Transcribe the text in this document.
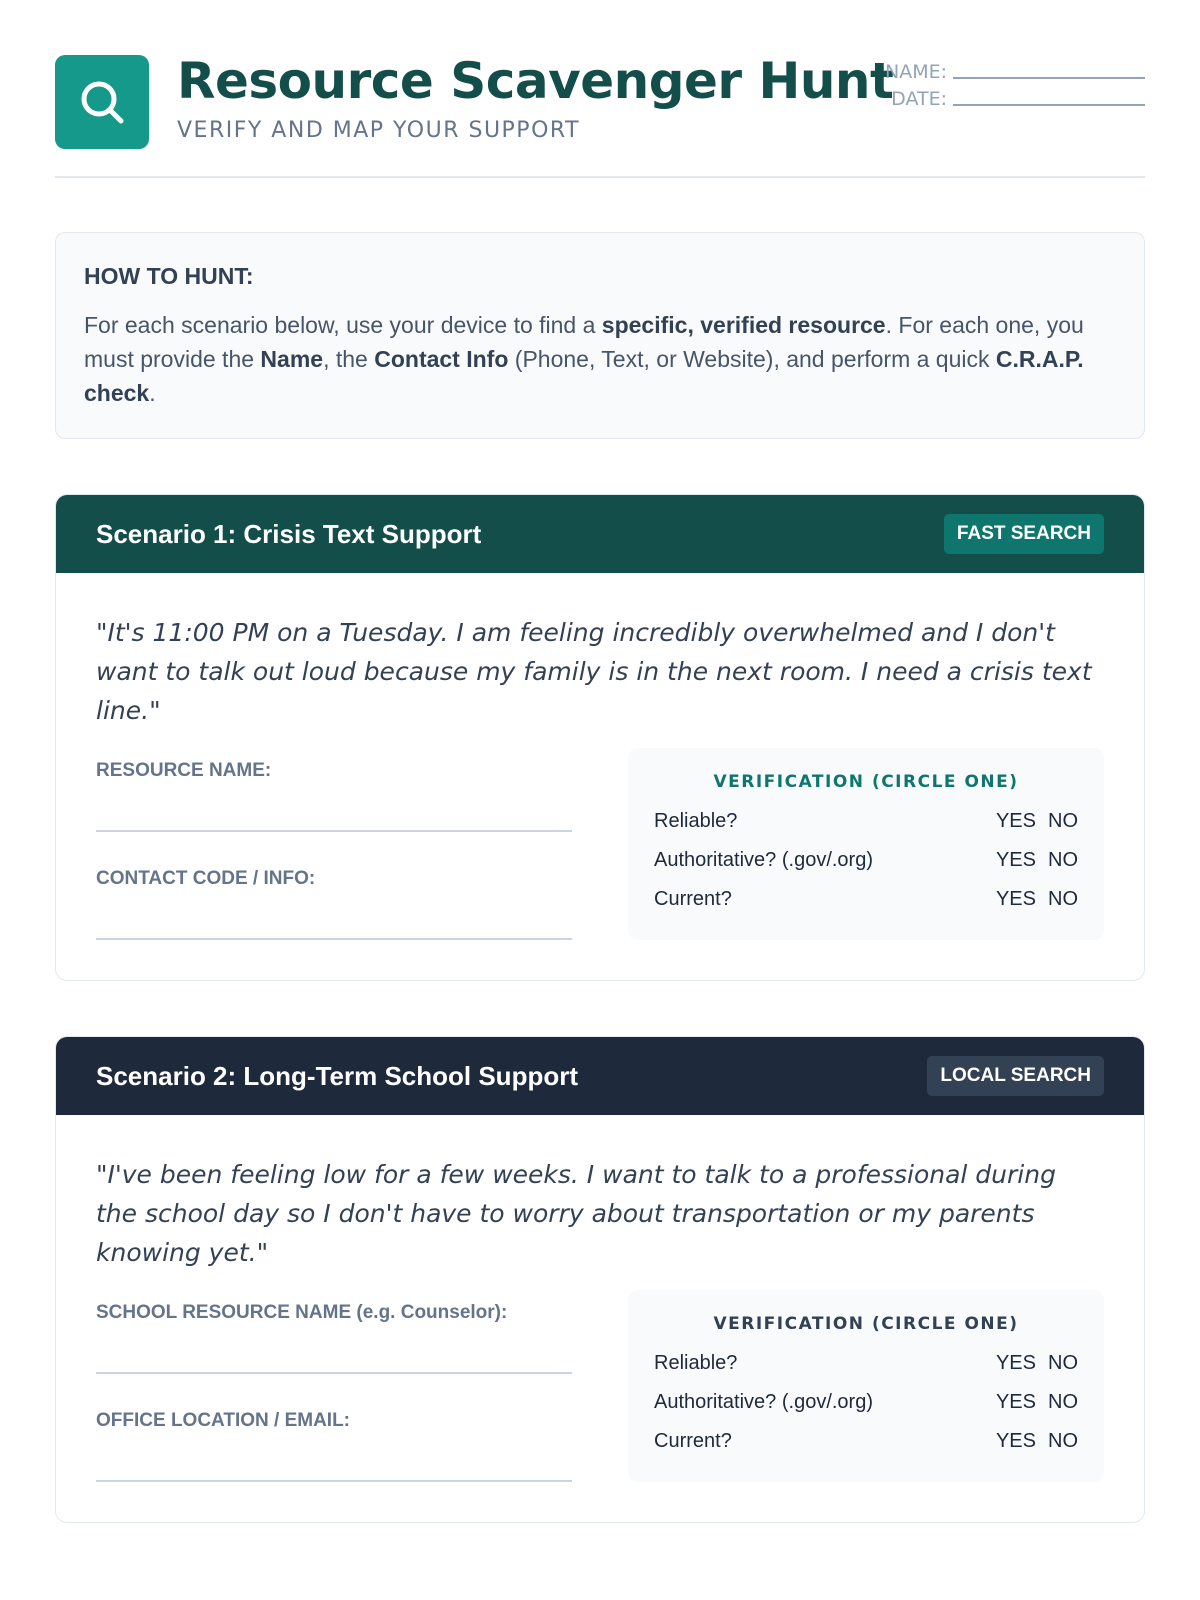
Resource Scavenger Hunt
VERIFY AND MAP YOUR SUPPORT
NAME:
DATE:
HOW TO HUNT:
For each scenario below, use your device to find a specific, verified resource. For each one, you must provide the Name, the Contact Info (Phone, Text, or Website), and perform a quick C.R.A.P. check.
Scenario 1: Crisis Text Support	FAST SEARCH
"It's 11:00 PM on a Tuesday. I am feeling incredibly overwhelmed and I don't want to talk out loud because my family is in the next room. I need a crisis text line."
RESOURCE NAME:
CONTACT CODE / INFO:
VERIFICATION (CIRCLE ONE)
Reliable?	YES NO
Authoritative? (.gov/.org)	YES NO
Current?	YES NO
Scenario 2: Long-Term School Support	LOCAL SEARCH
"I've been feeling low for a few weeks. I want to talk to a professional during the school day so I don't have to worry about transportation or my parents knowing yet."
SCHOOL RESOURCE NAME (e.g. Counselor):
OFFICE LOCATION / EMAIL:
VERIFICATION (CIRCLE ONE)
Reliable?	YES NO
Authoritative? (.gov/.org)	YES NO
Current?	YES NO
